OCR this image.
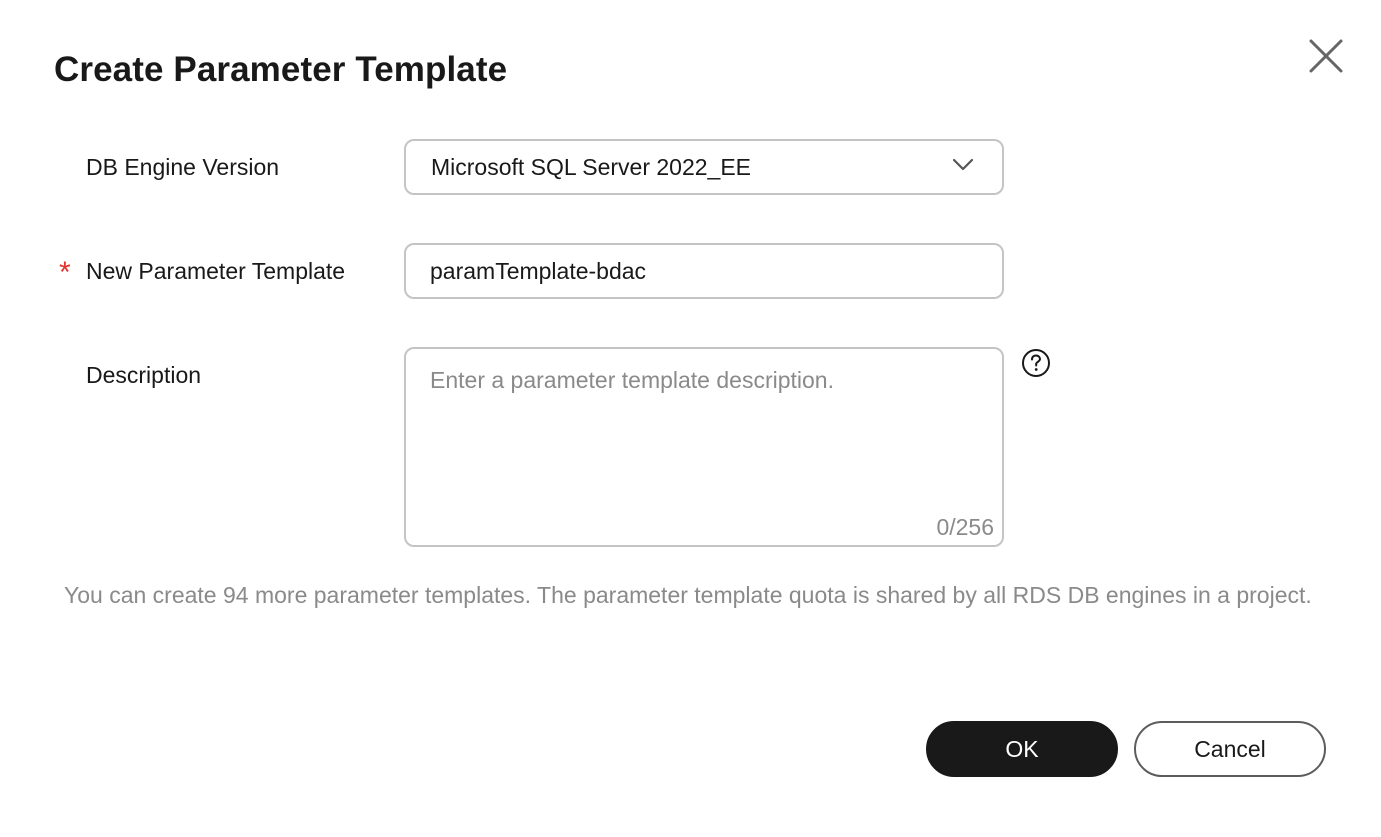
Create Parameter Template
DB Engine Version	Microsoft SQL Server 2022_EE
* New Parameter Template
paramTemplate-bdac
Description
Enter a parameter template description.
0/256
You can create 94 more parameter templates. The parameter template quota is shared by all RDS DB engines in a project.
OK	Cancel
